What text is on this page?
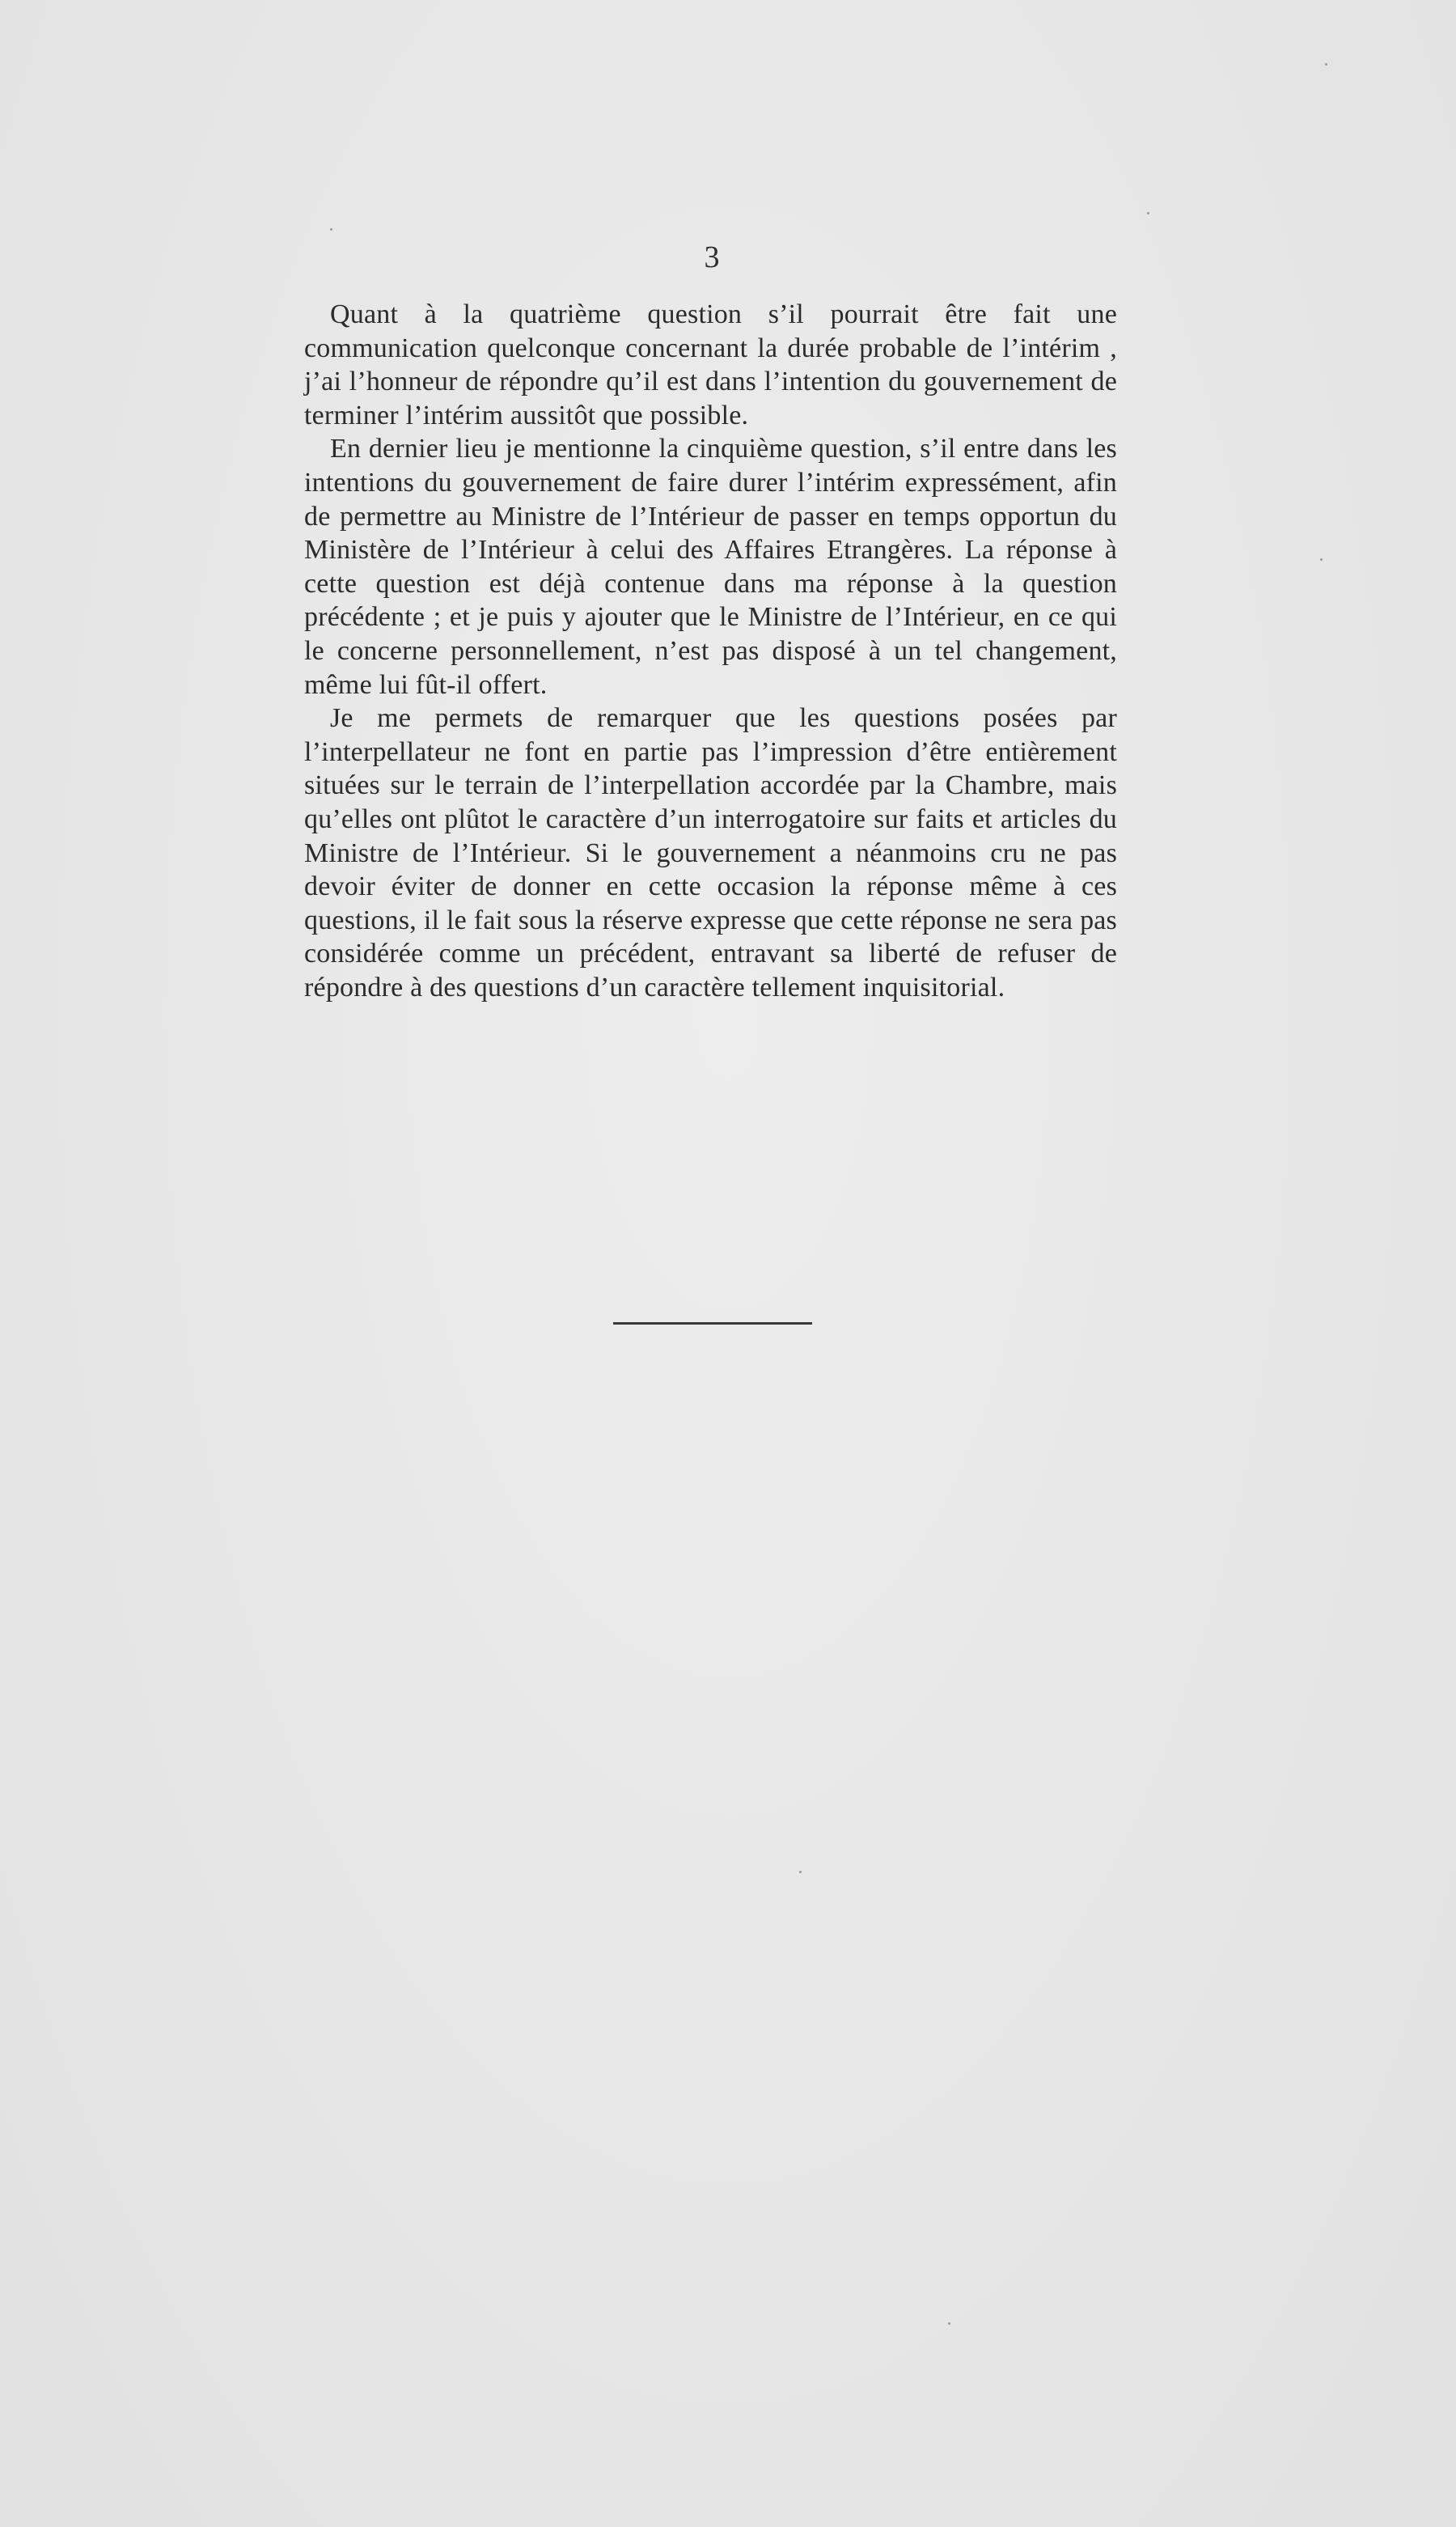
3

Quant à la quatrième question s’il pourrait être fait une communication quelconque concernant la durée probable de l’intérim , j’ai l’honneur de répondre qu’il est dans l’intention du gouvernement de terminer l’intérim aussitôt que possible.

En dernier lieu je mentionne la cinquième question, s’il entre dans les intentions du gouvernement de faire durer l’intérim expressément, afin de permettre au Ministre de l’Intérieur de passer en temps opportun du Ministère de l’Intérieur à celui des Affaires Etrangères. La réponse à cette question est déjà contenue dans ma réponse à la question précédente ; et je puis y ajouter que le Ministre de l’Intérieur, en ce qui le concerne personnellement, n’est pas disposé à un tel changement, même lui fût-il offert.

Je me permets de remarquer que les questions posées par l’interpellateur ne font en partie pas l’impression d’être entièrement situées sur le terrain de l’interpellation accordée par la Chambre, mais qu’elles ont plûtot le caractère d’un interrogatoire sur faits et articles du Ministre de l’Intérieur. Si le gouvernement a néanmoins cru ne pas devoir éviter de donner en cette occasion la réponse même à ces questions, il le fait sous la réserve expresse que cette réponse ne sera pas considérée comme un précédent, entravant sa liberté de refuser de répondre à des questions d’un caractère tellement inquisitorial.
